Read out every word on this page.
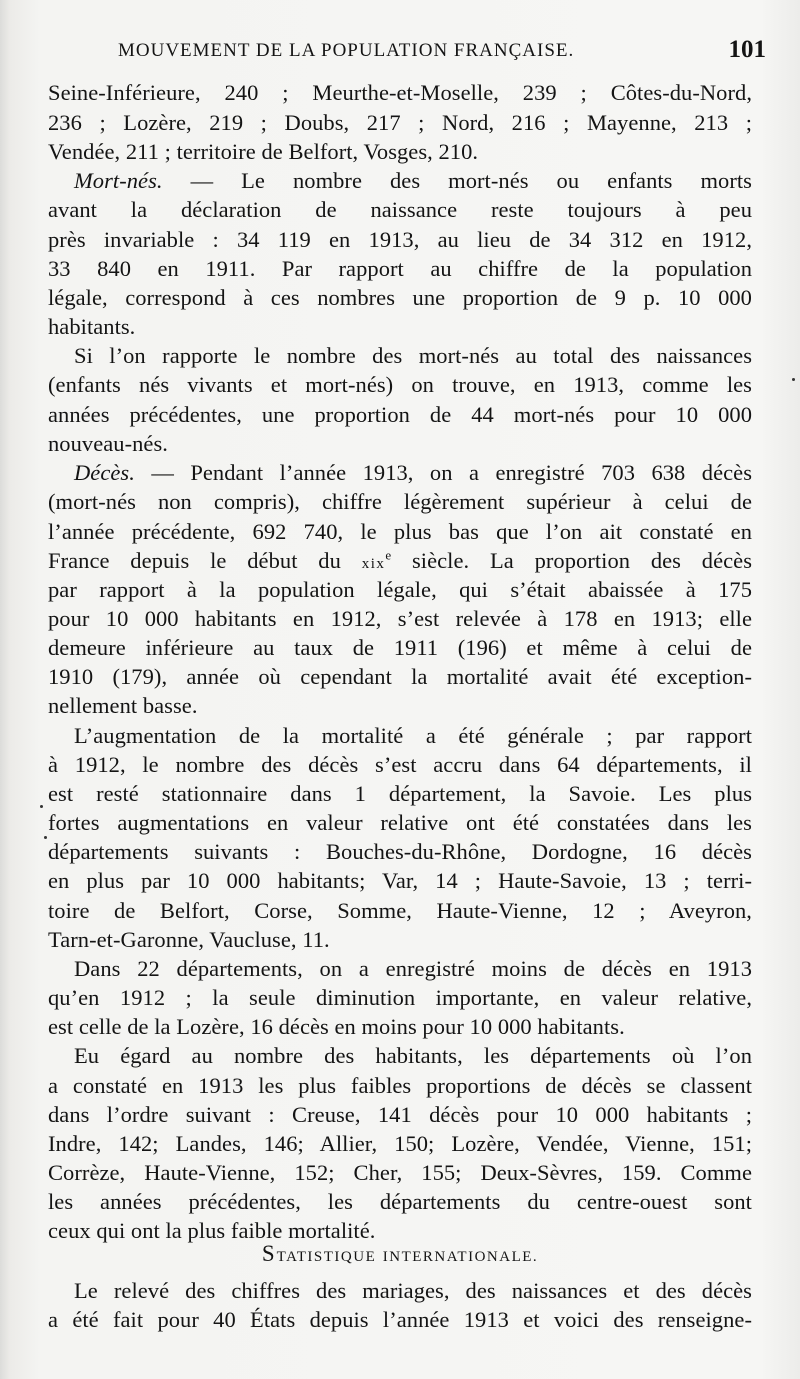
MOUVEMENT DE LA POPULATION FRANÇAISE.	101
Seine-Inférieure, 240 ; Meurthe-et-Moselle, 239 ; Côtes-du-Nord,
236 ; Lozère, 219 ; Doubs, 217 ; Nord, 216 ; Mayenne, 213 ;
Vendée, 211 ; territoire de Belfort, Vosges, 210.
Mort-nés. — Le nombre des mort-nés ou enfants morts
avant la déclaration de naissance reste toujours à peu
près invariable : 34 119 en 1913, au lieu de 34 312 en 1912,
33 840 en 1911. Par rapport au chiffre de la population
légale, correspond à ces nombres une proportion de 9 p. 10 000
habitants.
Si l’on rapporte le nombre des mort-nés au total des naissances
(enfants nés vivants et mort-nés) on trouve, en 1913, comme les
années précédentes, une proportion de 44 mort-nés pour 10 000
nouveau-nés.
Décès. — Pendant l’année 1913, on a enregistré 703 638 décès
(mort-nés non compris), chiffre légèrement supérieur à celui de
l’année précédente, 692 740, le plus bas que l’on ait constaté en
France depuis le début du xix$^e$ siècle. La proportion des décès
par rapport à la population légale, qui s’était abaissée à 175
pour 10 000 habitants en 1912, s’est relevée à 178 en 1913; elle
demeure inférieure au taux de 1911 (196) et même à celui de
1910 (179), année où cependant la mortalité avait été exception-
nellement basse.
L’augmentation de la mortalité a été générale ; par rapport
à 1912, le nombre des décès s’est accru dans 64 départements, il
est resté stationnaire dans 1 département, la Savoie. Les plus
fortes augmentations en valeur relative ont été constatées dans les
départements suivants : Bouches-du-Rhône, Dordogne, 16 décès
en plus par 10 000 habitants; Var, 14 ; Haute-Savoie, 13 ; terri-
toire de Belfort, Corse, Somme, Haute-Vienne, 12 ; Aveyron,
Tarn-et-Garonne, Vaucluse, 11.
Dans 22 départements, on a enregistré moins de décès en 1913
qu’en 1912 ; la seule diminution importante, en valeur relative,
est celle de la Lozère, 16 décès en moins pour 10 000 habitants.
Eu égard au nombre des habitants, les départements où l’on
a constaté en 1913 les plus faibles proportions de décès se classent
dans l’ordre suivant : Creuse, 141 décès pour 10 000 habitants ;
Indre, 142; Landes, 146; Allier, 150; Lozère, Vendée, Vienne, 151;
Corrèze, Haute-Vienne, 152; Cher, 155; Deux-Sèvres, 159. Comme
les années précédentes, les départements du centre-ouest sont
ceux qui ont la plus faible mortalité.
STATISTIQUE INTERNATIONALE.
Le relevé des chiffres des mariages, des naissances et des décès
a été fait pour 40 États depuis l’année 1913 et voici des renseigne-
